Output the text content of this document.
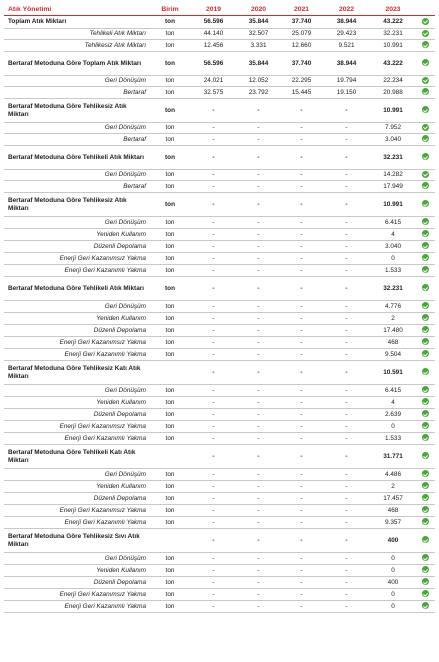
Atık Yönetimi	Birim	2019	2020	2021	2022	2023	
Toplam Atık Miktarı	ton	56.596	35.844	37.740	38.944	43.222	
Tehlikeli Atık Miktarı	ton	44.140	32.507	25.079	29.423	32.231	
Tehlikesiz Atık Miktarı	ton	12.456	3.331	12.660	9.521	10.991	
Bertaraf Metoduna Göre Toplam Atık Miktarı	ton	56.596	35.844	37.740	38.944	43.222	
Geri Dönüşüm	ton	24.021	12.052	22.295	19.794	22.234	
Bertaraf	ton	32.575	23.792	15.445	19.150	20.988	
Bertaraf Metoduna Göre Tehlikesiz Atık Miktarı	ton	-	-	-	-	10.991	
Geri Dönüşüm	ton	-	-	-	-	7.952	
Bertaraf	ton	-	-	-	-	3.040	
Bertaraf Metoduna Göre Tehlikeli Atık Miktarı	ton	-	-	-	-	32.231	
Geri Dönüşüm	ton	-	-	-	-	14.282	
Bertaraf	ton	-	-	-	-	17.949	
Bertaraf Metoduna Göre Tehlikesiz Atık Miktarı	ton	-	-	-	-	10.991	
Geri Dönüşüm	ton	-	-	-	-	6.415	
Yeniden Kullanım	ton	-	-	-	-	4	
Düzenli Depolama	ton	-	-	-	-	3.040	
Enerji Geri Kazanımsız Yakma	ton	-	-	-	-	0	
Enerji Geri Kazanımlı Yakma	ton	-	-	-	-	1.533	
Bertaraf Metoduna Göre Tehlikeli Atık Miktarı	ton	-	-	-	-	32.231	
Geri Dönüşüm	ton	-	-	-	-	4.776	
Yeniden Kullanım	ton	-	-	-	-	2	
Düzenli Depolama	ton	-	-	-	-	17.480	
Enerji Geri Kazanımsız Yakma	ton	-	-	-	-	468	
Enerji Geri Kazanımlı Yakma	ton	-	-	-	-	9.504	
Bertaraf Metoduna Göre Tehlikesiz Katı Atık Miktarı		-	-	-	-	10.591	
Geri Dönüşüm	ton	-	-	-	-	6.415	
Yeniden Kullanım	ton	-	-	-	-	4	
Düzenli Depolama	ton	-	-	-	-	2.639	
Enerji Geri Kazanımsız Yakma	ton	-	-	-	-	0	
Enerji Geri Kazanımlı Yakma	ton	-	-	-	-	1.533	
Bertaraf Metoduna Göre Tehlikeli Katı Atık Miktarı		-	-	-	-	31.771	
Geri Dönüşüm	ton	-	-	-	-	4.486	
Yeniden Kullanım	ton	-	-	-	-	2	
Düzenli Depolama	ton	-	-	-	-	17.457	
Enerji Geri Kazanımsız Yakma	ton	-	-	-	-	468	
Enerji Geri Kazanımlı Yakma	ton	-	-	-	-	9.357	
Bertaraf Metoduna Göre Tehlikesiz Sıvı Atık Miktarı		-	-	-	-	400	
Geri Dönüşüm	ton	-	-	-	-	0	
Yeniden Kullanım	ton	-	-	-	-	0	
Düzenli Depolama	ton	-	-	-	-	400	
Enerji Geri Kazanımsız Yakma	ton	-	-	-	-	0	
Enerji Geri Kazanımlı Yakma	ton	-	-	-	-	0	
